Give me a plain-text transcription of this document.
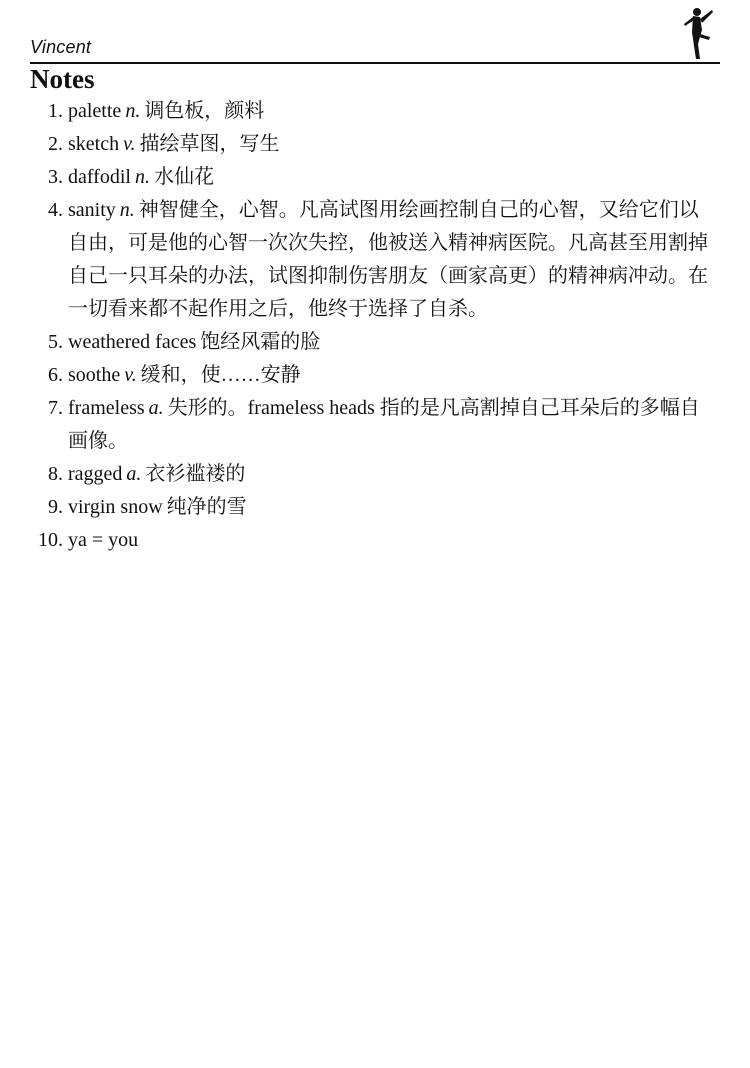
Vincent
Notes
1. palette n. 调色板，颜料
2. sketch v. 描绘草图，写生
3. daffodil n. 水仙花
4. sanity n. 神智健全，心智。凡高试图用绘画控制自己的心智，又给它们以自由，可是他的心智一次次失控，他被送入精神病医院。凡高甚至用割掉自己一只耳朵的办法，试图抑制伤害朋友（画家高更）的精神病冲动。在一切看来都不起作用之后，他终于选择了自杀。
5. weathered faces 饱经风霜的脸
6. soothe v. 缓和，使……安静
7. frameless a. 失形的。frameless heads 指的是凡高割掉自己耳朵后的多幅自画像。
8. ragged a. 衣衫褴褛的
9. virgin snow 纯净的雪
10. ya = you
